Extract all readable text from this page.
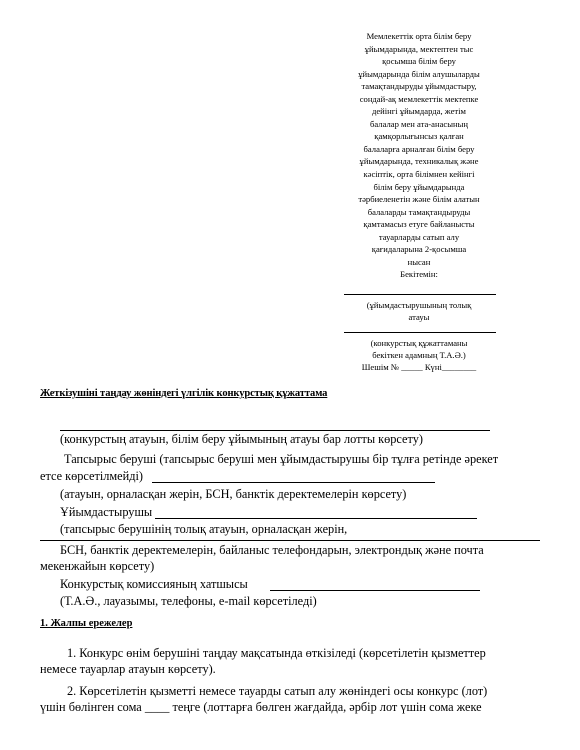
Мемлекеттік орта білім беру
ұйымдарында, мектептен тыс
қосымша білім беру
ұйымдарында білім алушыларды
тамақтандыруды ұйымдастыру,
сондай-ақ мемлекеттік мектепке
дейінгі ұйымдарда, жетім
балалар мен ата-анасының
қамқорлығынсыз қалған
балаларға арналған білім беру
ұйымдарында, техникалық және
кәсіптік, орта білімнен кейінгі
білім беру ұйымдарында
тәрбиеленетін және білім алатын
балаларды тамақтандыруды
қамтамасыз етуге байланысты
тауарларды сатып алу
қағидаларына 2-қосымша
нысан
Бекітемін:
(ұйымдастырушының толық
атауы
(конкурстық құжаттаманы
бекіткен адамның Т.А.Ә.)
Шешім № _____ Күні________
Жеткізушіні таңдау жөніндегі үлгілік конкурстық құжаттама
(конкурстың атауын, білім беру ұйымының атауы бар лотты көрсету)
Тапсырыс беруші (тапсырыс беруші мен ұйымдастырушы бір тұлға ретінде әрекет
етсе көрсетілмейді)
(атауын, орналасқан жерін, БСН, банктік деректемелерін көрсету)
Ұйымдастырушы
(тапсырыс берушінің толық атауын, орналасқан жерін,
БСН, банктік деректемелерін, байланыс телефондарын, электрондық және почта
мекенжайын көрсету)
Конкурстық комиссияның хатшысы
(Т.А.Ә., лауазымы, телефоны, e-mail көрсетіледі)
1. Жалпы ережелер
1. Конкурс өнім берушіні таңдау мақсатында өткізіледі (көрсетілетін қызметтер
немесе тауарлар атауын көрсету).
2. Көрсетілетін қызметті немесе тауарды сатып алу жөніндегі осы конкурс (лот)
үшін бөлінген сома ____ теңге (лоттарға бөлген жағдайда, әрбір лот үшін сома жеке
